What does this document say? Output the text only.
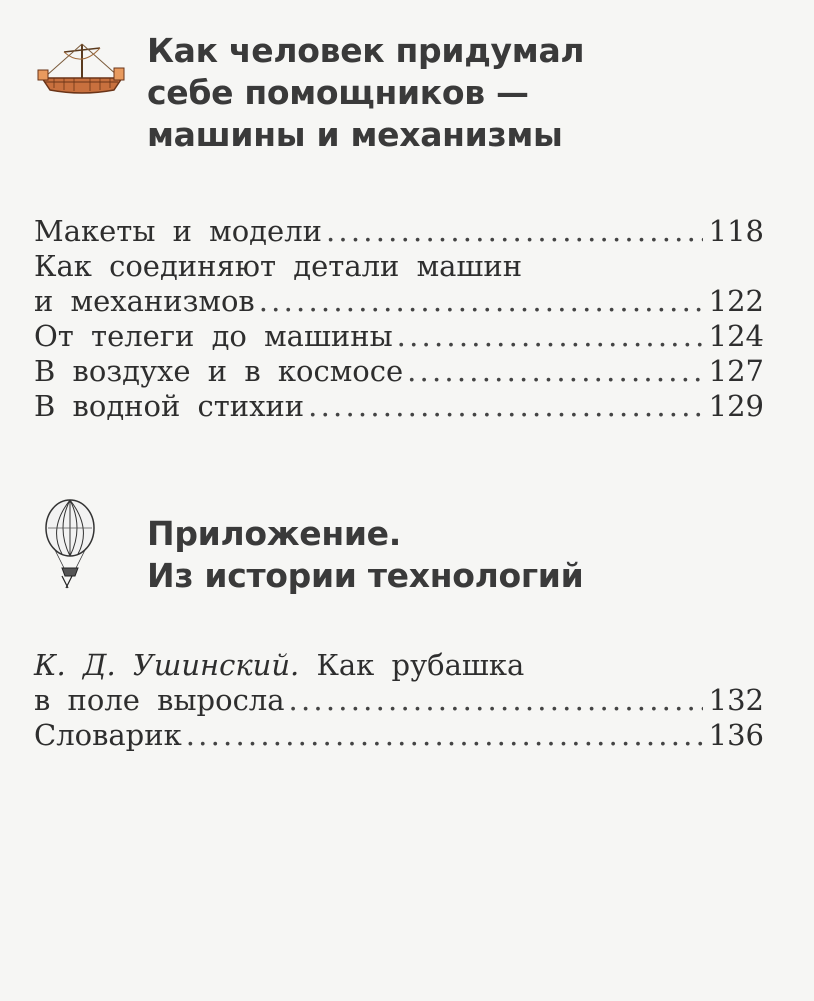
Как человек придумал
себе помощников —
машины и механизмы
Макеты и модели . . .	118
Как соединяют детали машин
и механизмов . . .	122
От телеги до машины . . .	124
В воздухе и в космосе . . .	127
В водной стихии . . .	129
Приложение.
Из истории технологий
К. Д. Ушинский. Как рубашка
в поле выросла . . .	132
Словарик . . .	136
